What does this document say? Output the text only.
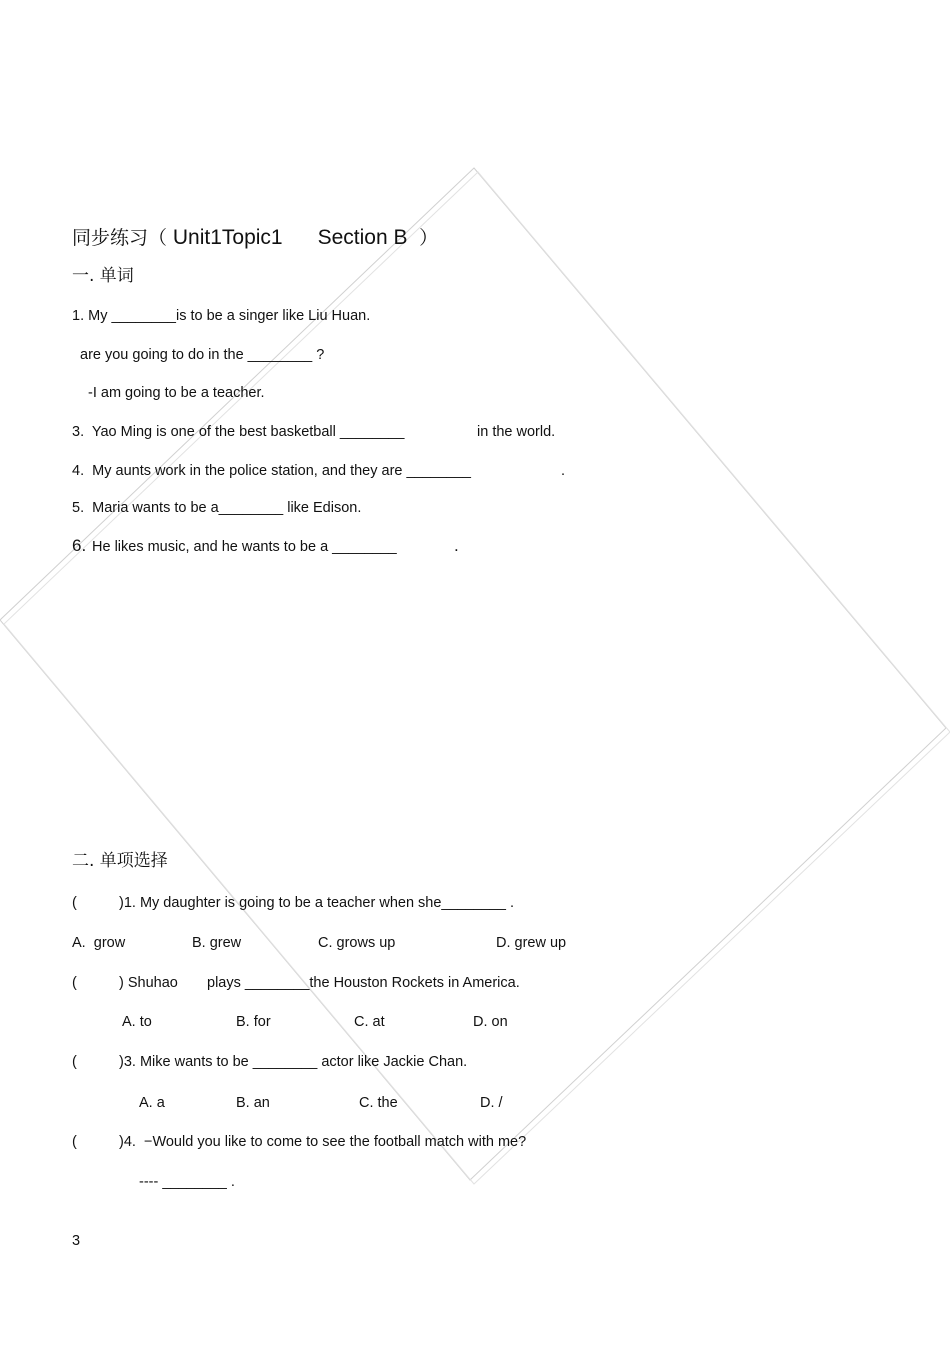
同步练习（ Unit1Topic1 Section B ）
一. 单词
1. My ________is to be a singer like Liu Huan.
are you going to do in the ________ ?
-I am going to be a teacher.
3.  Yao Ming is one of the best basketball ________	in the world.
4.  My aunts work in the police station, and they are ________	.
5.  Maria wants to be a________ like Edison.
6. He likes music, and he wants to be a ________	.
二. 单项选择
(	)1. My daughter is going to be a teacher when she________ .
A.  grow	B. grew	C. grows up	D. grew up
(	) Shuhao plays ________the Houston Rockets in America.
A. to	B. for	C. at	D. on
(	)3. Mike wants to be ________ actor like Jackie Chan.
A. a	B. an	C. the	D. /
(	)4.  −Would you like to come to see the football match with me?
---- ________ .
3
